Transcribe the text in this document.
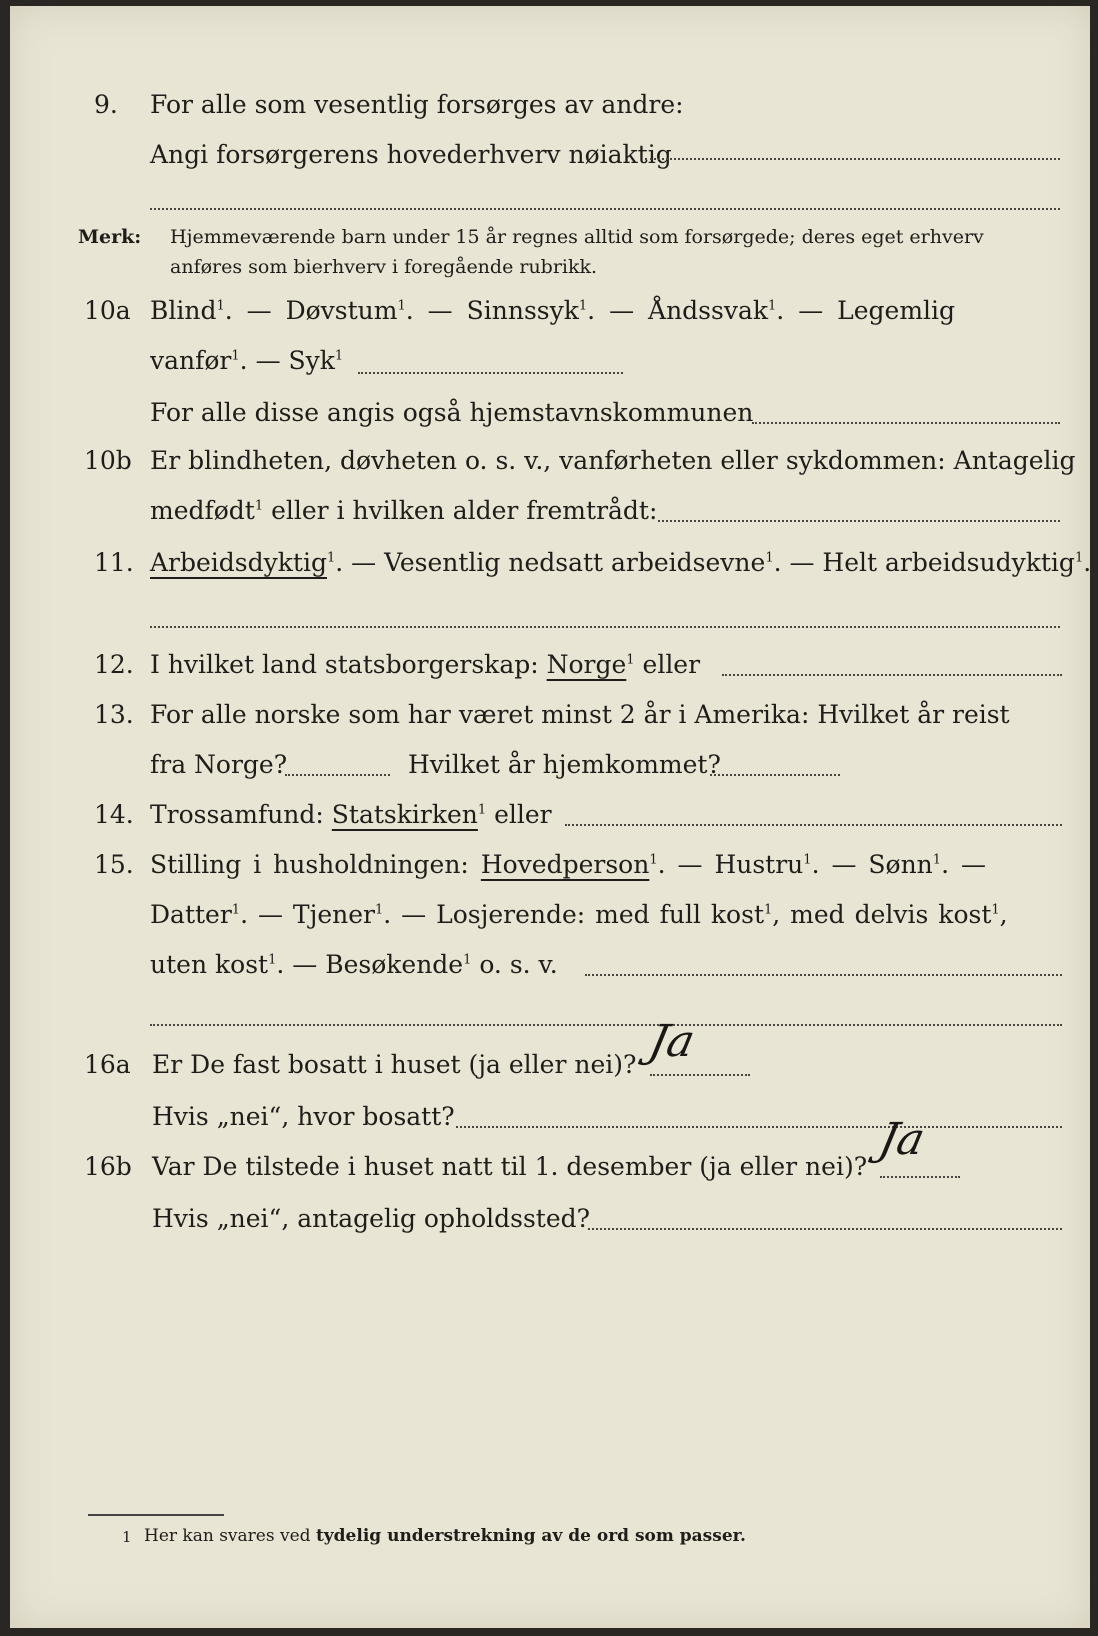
9. For alle som vesentlig forsørges av andre:
Angi forsørgerens hovederhverv nøiaktig
Merk: Hjemmeværende barn under 15 år regnes alltid som forsørgede; deres eget erhverv
anføres som bierhverv i foregående rubrikk.
10a Blind$^1$. — Døvstum$^1$. — Sinnssyk$^1$. — Åndssvak$^1$. — Legemlig
vanfør$^1$. — Syk$^1$
For alle disse angis også hjemstavnskommunen
10b Er blindheten, døvheten o. s. v., vanførheten eller sykdommen: Antagelig
medfødt$^1$ eller i hvilken alder fremtrådt:
11. Arbeidsdyktig$^1$. — Vesentlig nedsatt arbeidsevne$^1$. — Helt arbeidsudyktig$^1$.
12. I hvilket land statsborgerskap: Norge$^1$ eller
13. For alle norske som har været minst 2 år i Amerika: Hvilket år reist
fra Norge?	Hvilket år hjemkommet?
14. Trossamfund: Statskirken$^1$ eller
15. Stilling i husholdningen: Hovedperson$^1$. — Hustru$^1$. — Sønn$^1$. —
Datter$^1$. — Tjener$^1$. — Losjerende: med full kost$^1$, med delvis kost$^1$,
uten kost$^1$. — Besøkende$^1$ o. s. v.
16a Er De fast bosatt i huset (ja eller nei)? Ja
Hvis „nei“, hvor bosatt?
16b Var De tilstede i huset natt til 1. desember (ja eller nei)?
Ja
Hvis „nei“, antagelig opholdssted?
1 Her kan svares ved tydelig understrekning av de ord som passer.
